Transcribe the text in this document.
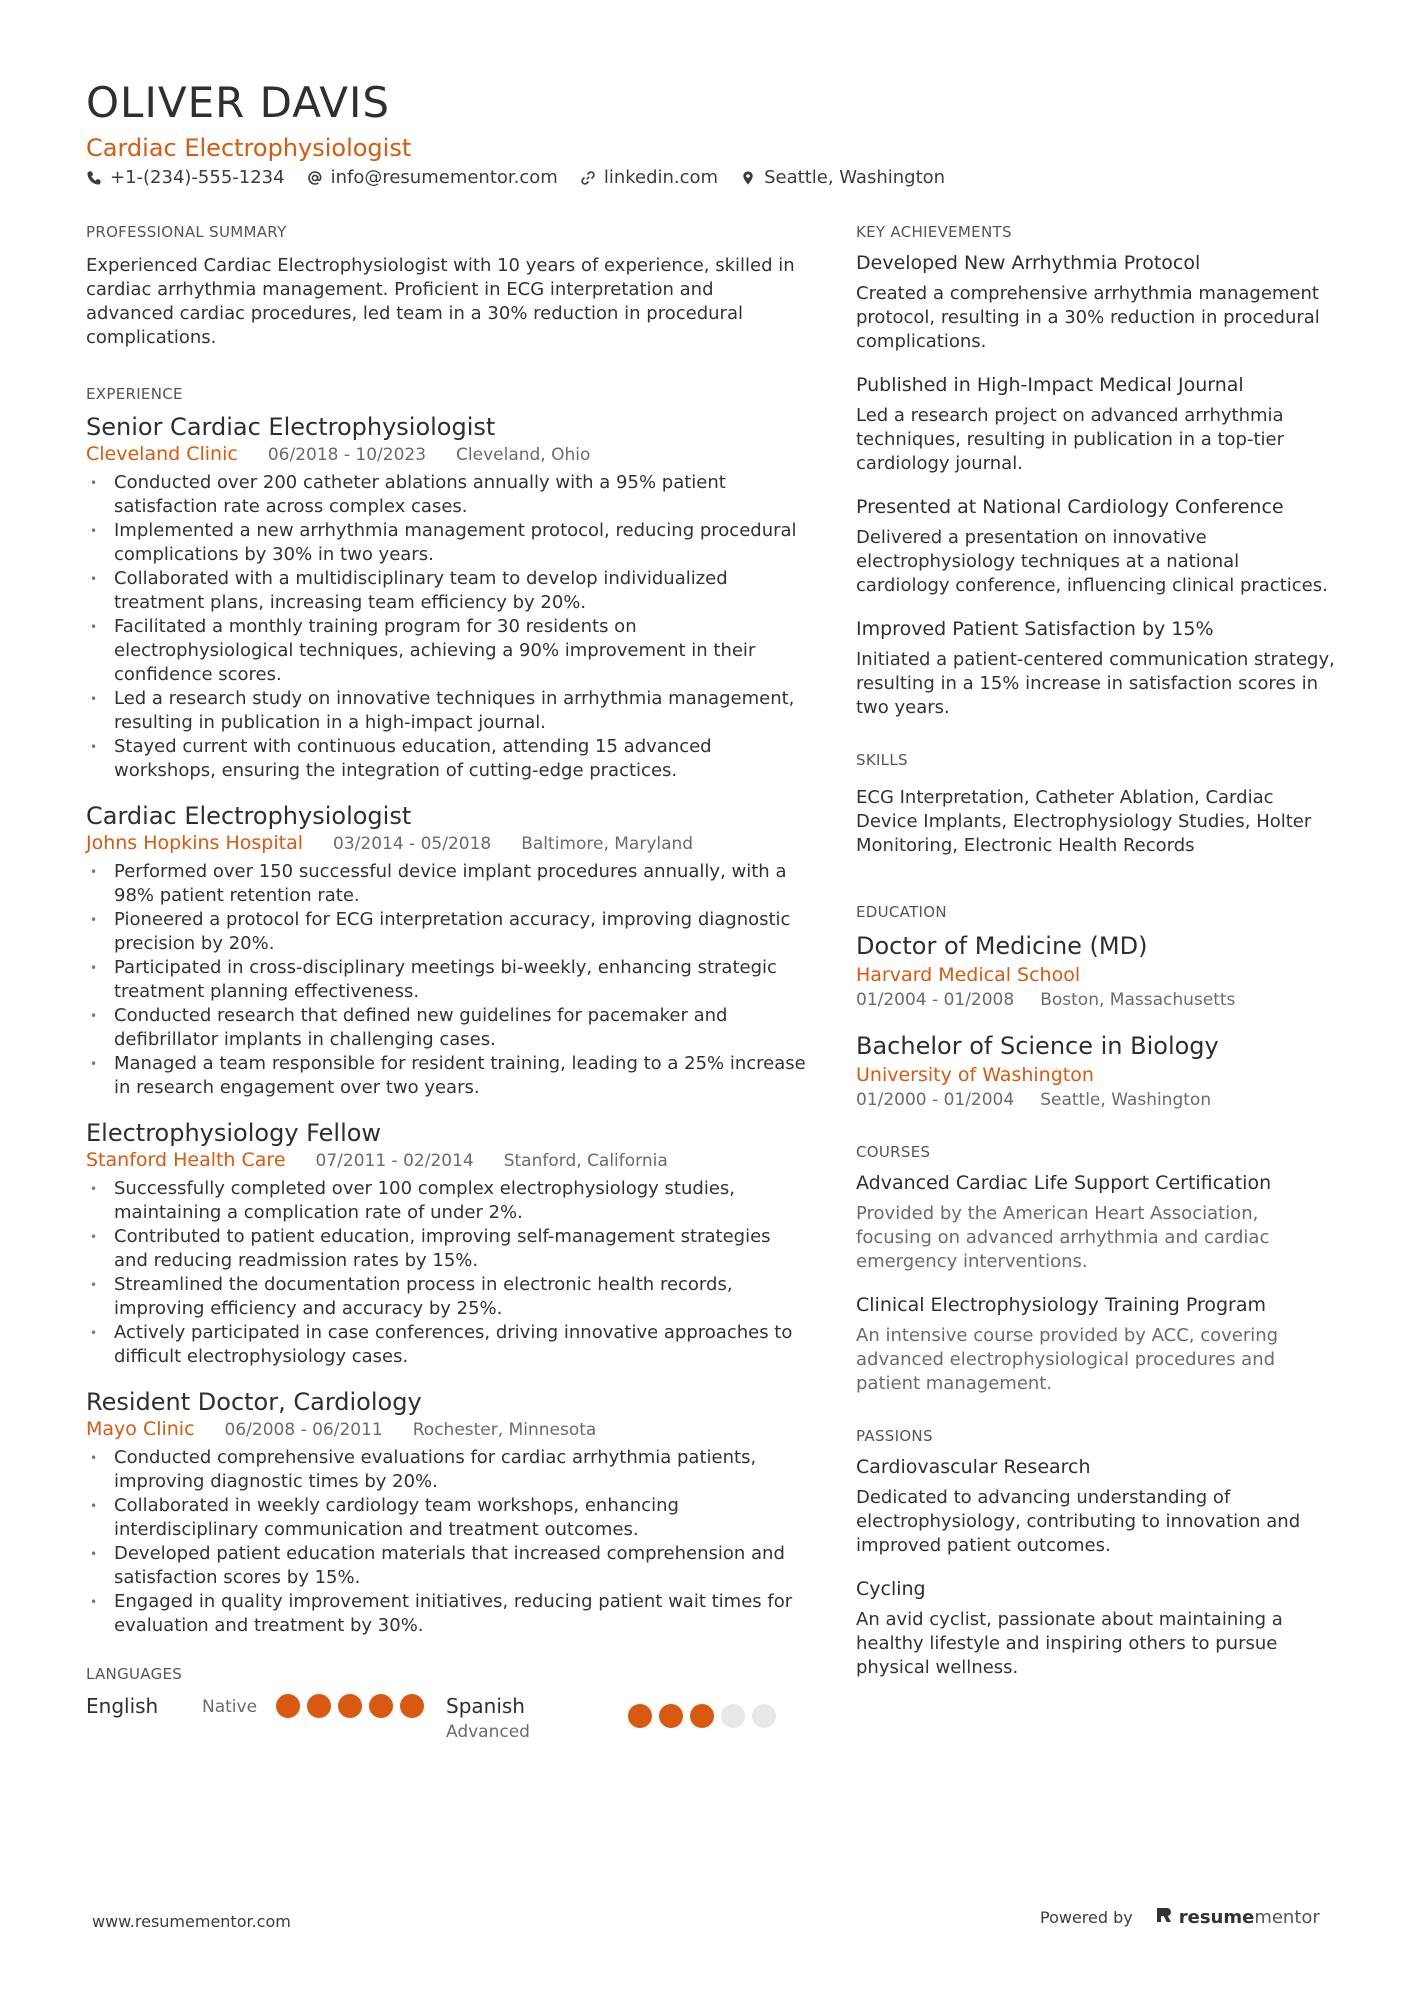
OLIVER DAVIS
Cardiac Electrophysiologist
+1-(234)-555-1234	info@resumementor.com	linkedin.com	Seattle, Washington
PROFESSIONAL SUMMARY

Experienced Cardiac Electrophysiologist with 10 years of experience, skilled in cardiac arrhythmia management. Proficient in ECG interpretation and advanced cardiac procedures, led team in a 30% reduction in procedural complications.

EXPERIENCE
Senior Cardiac Electrophysiologist
Cleveland Clinic 06/2018 - 10/2023 Cleveland, Ohio
• Conducted over 200 catheter ablations annually with a 95% patient satisfaction rate across complex cases.
• Implemented a new arrhythmia management protocol, reducing procedural complications by 30% in two years.
• Collaborated with a multidisciplinary team to develop individualized treatment plans, increasing team efficiency by 20%.
• Facilitated a monthly training program for 30 residents on electrophysiological techniques, achieving a 90% improvement in their confidence scores.
• Led a research study on innovative techniques in arrhythmia management, resulting in publication in a high-impact journal.
• Stayed current with continuous education, attending 15 advanced workshops, ensuring the integration of cutting-edge practices.
Cardiac Electrophysiologist
Johns Hopkins Hospital 03/2014 - 05/2018 Baltimore, Maryland
• Performed over 150 successful device implant procedures annually, with a 98% patient retention rate.
• Pioneered a protocol for ECG interpretation accuracy, improving diagnostic precision by 20%.
• Participated in cross-disciplinary meetings bi-weekly, enhancing strategic treatment planning effectiveness.
• Conducted research that defined new guidelines for pacemaker and defibrillator implants in challenging cases.
• Managed a team responsible for resident training, leading to a 25% increase in research engagement over two years.
Electrophysiology Fellow
Stanford Health Care 07/2011 - 02/2014 Stanford, California
• Successfully completed over 100 complex electrophysiology studies, maintaining a complication rate of under 2%.
• Contributed to patient education, improving self-management strategies and reducing readmission rates by 15%.
• Streamlined the documentation process in electronic health records, improving efficiency and accuracy by 25%.
• Actively participated in case conferences, driving innovative approaches to difficult electrophysiology cases.
Resident Doctor, Cardiology
Mayo Clinic 06/2008 - 06/2011 Rochester, Minnesota
• Conducted comprehensive evaluations for cardiac arrhythmia patients, improving diagnostic times by 20%.
• Collaborated in weekly cardiology team workshops, enhancing interdisciplinary communication and treatment outcomes.
• Developed patient education materials that increased comprehension and satisfaction scores by 15%.
• Engaged in quality improvement initiatives, reducing patient wait times for evaluation and treatment by 30%.
LANGUAGES
English	Native	Spanish
Advanced
KEY ACHIEVEMENTS
Developed New Arrhythmia Protocol
Created a comprehensive arrhythmia management protocol, resulting in a 30% reduction in procedural complications.
Published in High-Impact Medical Journal
Led a research project on advanced arrhythmia techniques, resulting in publication in a top-tier cardiology journal.
Presented at National Cardiology Conference
Delivered a presentation on innovative electrophysiology techniques at a national cardiology conference, influencing clinical practices.
Improved Patient Satisfaction by 15%
Initiated a patient-centered communication strategy, resulting in a 15% increase in satisfaction scores in two years.
SKILLS
ECG Interpretation, Catheter Ablation, Cardiac Device Implants, Electrophysiology Studies, Holter Monitoring, Electronic Health Records
EDUCATION
Doctor of Medicine (MD)
Harvard Medical School
01/2004 - 01/2008 Boston, Massachusetts
Bachelor of Science in Biology
University of Washington
01/2000 - 01/2004 Seattle, Washington
COURSES
Advanced Cardiac Life Support Certification
Provided by the American Heart Association, focusing on advanced arrhythmia and cardiac emergency interventions.
Clinical Electrophysiology Training Program
An intensive course provided by ACC, covering advanced electrophysiological procedures and patient management.
PASSIONS
Cardiovascular Research
Dedicated to advancing understanding of electrophysiology, contributing to innovation and improved patient outcomes.
Cycling
An avid cyclist, passionate about maintaining a healthy lifestyle and inspiring others to pursue physical wellness.
www.resumementor.com	Powered by	resume mentor
